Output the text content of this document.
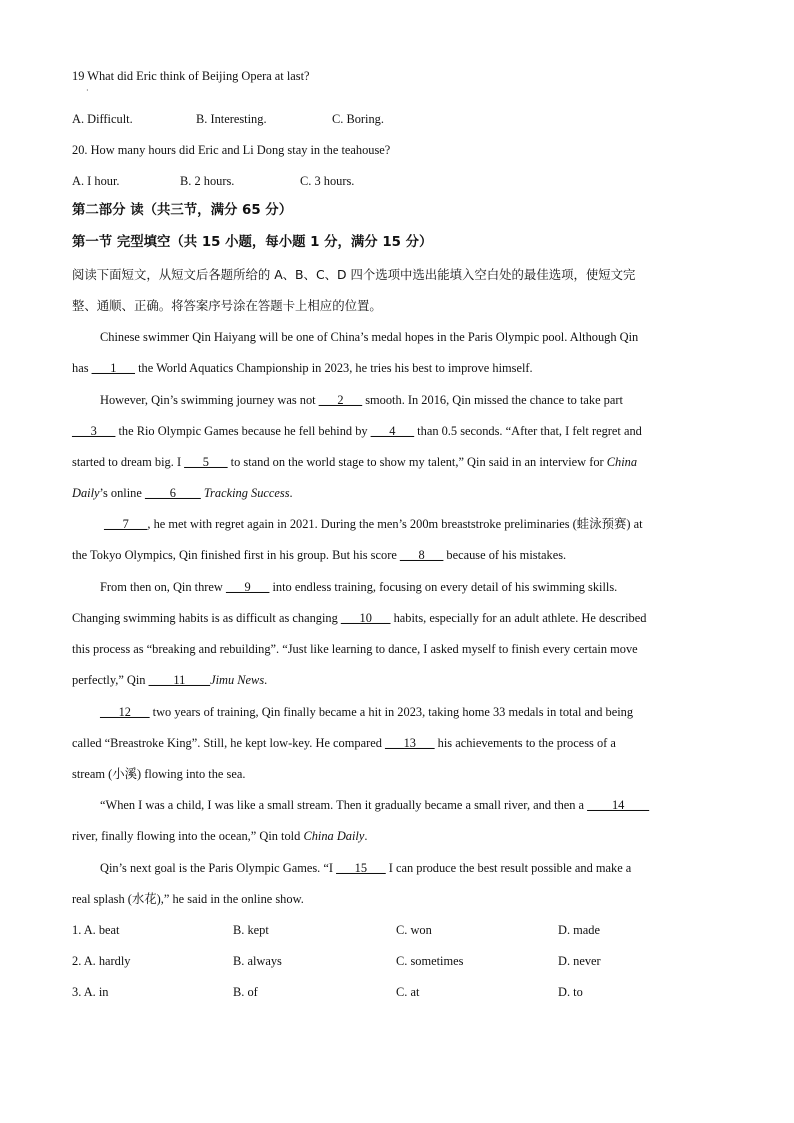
19 What did Eric think of Beijing Opera at last?
·
A. Difficult.	B. Interesting.	C. Boring.
20. How many hours did Eric and Li Dong stay in the teahouse?
A. I hour.	B. 2 hours.	C. 3 hours.
第二部分 读（共三节，满分 65 分）
第一节 完型填空（共 15 小题，每小题 1 分，满分 15 分）
阅读下面短文，从短文后各题所给的 A、B、C、D 四个选项中选出能填入空白处的最佳选项，使短文完
整、通顺、正确。将答案序号涂在答题卡上相应的位置。
Chinese swimmer Qin Haiyang will be one of China’s medal hopes in the Paris Olympic pool. Although Qin
has ___1___ the World Aquatics Championship in 2023, he tries his best to improve himself.
However, Qin’s swimming journey was not ___2___ smooth. In 2016, Qin missed the chance to take part
___3___ the Rio Olympic Games because he fell behind by ___4___ than 0.5 seconds. “After that, I felt regret and
started to dream big. I ___5___ to stand on the world stage to show my talent,” Qin said in an interview for China
Daily’s online ____6____ Tracking Success.
___7___, he met with regret again in 2021. During the men’s 200m breaststroke preliminaries (蛙泳预赛) at
the Tokyo Olympics, Qin finished first in his group. But his score ___8___ because of his mistakes.
From then on, Qin threw ___9___ into endless training, focusing on every detail of his swimming skills.
Changing swimming habits is as difficult as changing ___10___ habits, especially for an adult athlete. He described
this process as “breaking and rebuilding”. “Just like learning to dance, I asked myself to finish every certain move
perfectly,” Qin ____11____Jimu News.
___12___ two years of training, Qin finally became a hit in 2023, taking home 33 medals in total and being
called “Breastroke King”. Still, he kept low-key. He compared ___13___ his achievements to the process of a
stream (小溪) flowing into the sea.
“When I was a child, I was like a small stream. Then it gradually became a small river, and then a ____14____
river, finally flowing into the ocean,” Qin told China Daily.
Qin’s next goal is the Paris Olympic Games. “I ___15___ I can produce the best result possible and make a
real splash (水花),” he said in the online show.
1. A. beat	B. kept	C. won	D. made
2. A. hardly	B. always	C. sometimes	D. never
3. A. in	B. of	C. at	D. to
